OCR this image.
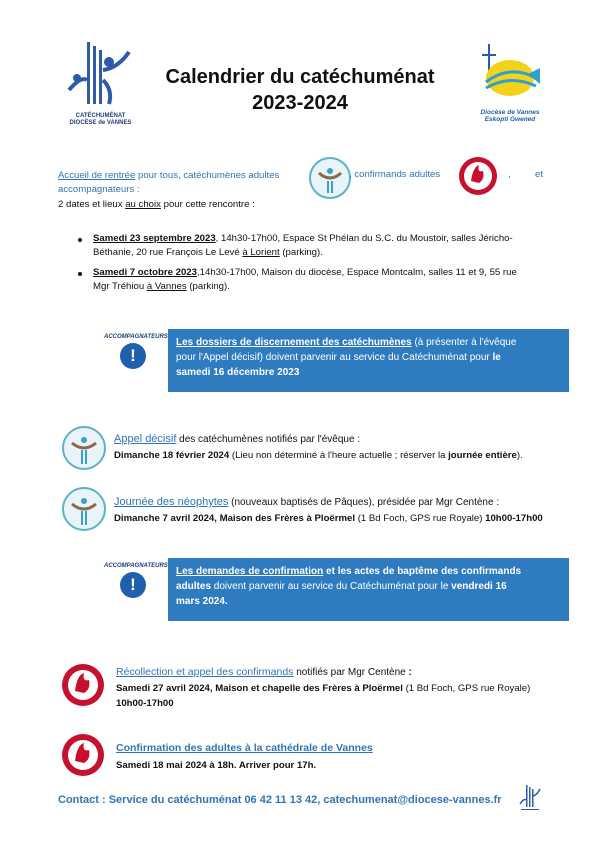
CATÉCHUMÉNAT
DIOCÈSE de VANNES
Calendrier du catéchuménat
2023-2024	Diocèse de Vannes
Eskopti Gwened
Accueil de rentrée pour tous, catéchumènes adultes	, confirmands adultes	,	et
accompagnateurs :
2 dates et lieux au choix pour cette rencontre :
Samedi 23 septembre 2023, 14h30-17h00, Espace St Phélan du S.C. du Moustoir, salles Jéricho-
Béthanie, 20 rue François Le Levé à Lorient (parking).
Samedi 7 octobre 2023,14h30-17h00, Maison du diocèse, Espace Montcalm, salles 11 et 9, 55 rue
Mgr Tréhiou à Vannes (parking).
ACCOMPAGNATEURS
!
Les dossiers de discernement des catéchumènes (à présenter à l'évêque
pour l'Appel décisif) doivent parvenir au service du Catéchuménat pour le
samedi 16 décembre 2023
Appel décisif des catéchumènes notifiés par l'évêque :
Dimanche 18 février 2024 (Lieu non déterminé à l'heure actuelle ; réserver la journée entière).
Journée des néophytes (nouveaux baptisés de Pâques), présidée par Mgr Centène :
Dimanche 7 avril 2024, Maison des Frères à Ploërmel (1 Bd Foch, GPS rue Royale) 10h00-17h00
ACCOMPAGNATEURS
!
Les demandes de confirmation et les actes de baptême des confirmands
adultes doivent parvenir au service du Catéchuménat pour le vendredi 16
mars 2024.
Récollection et appel des confirmands notifiés par Mgr Centène :
Samedi 27 avril 2024, Maison et chapelle des Frères à Ploërmel (1 Bd Foch, GPS rue Royale)
10h00-17h00
Confirmation des adultes à la cathédrale de Vannes
Samedi 18 mai 2024 à 18h. Arriver pour 17h.
Contact : Service du catéchuménat 06 42 11 13 42, catechumenat@diocese-vannes.fr
